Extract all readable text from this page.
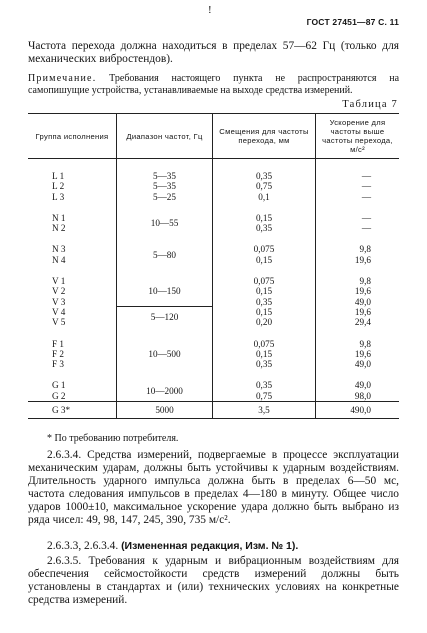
!
ГОСТ 27451—87 С. 11
Частота перехода должна находиться в пределах 57—62 Гц (только для механических вибростендов).
Примечание. Требования настоящего пункта не распространяются на самопишущие устройства, устанавливаемые на выходе средства измерений.
Таблица 7
Группа исполнения	Диапазон частот, Гц	Смещения для частоты перехода, мм	Ускорение для частоты выше частоты перехода, м/с²
L 1	5—35	0,35	—
L 2	5—35	0,75	—
L 3	5—25	0,1	—
N 1	10—55	0,15	—
N 2		0,35	—
N 3	5—80	0,075	9,8
N 4		0,15	19,6
V 1	10—150	0,075	9,8
V 2		0,15	19,6
V 3		0,35	49,0
V 4	5—120	0,15	19,6
V 5		0,20	29,4
F 1	10—500	0,075	9,8
F 2		0,15	19,6
F 3		0,35	49,0
G 1	10—2000	0,35	49,0
G 2		0,75	98,0
G 3*	5000	3,5	490,0
* По требованию потребителя.
2.6.3.4. Средства измерений, подвергаемые в процессе эксплуатации механическим ударам, должны быть устойчивы к ударным воздействиям. Длительность ударного импульса должна быть в пределах 6—50 мс, частота следования импульсов в пределах 4—180 в минуту. Общее число ударов 1000±10, максимальное ускорение удара должно быть выбрано из ряда чисел: 49, 98, 147, 245, 390, 735 м/с².
2.6.3.3, 2.6.3.4. (Измененная редакция, Изм. № 1).
2.6.3.5. Требования к ударным и вибрационным воздействиям для обеспечения сейсмостойкости средств измерений должны быть установлены в стандартах и (или) технических условиях на конкретные средства измерений.
